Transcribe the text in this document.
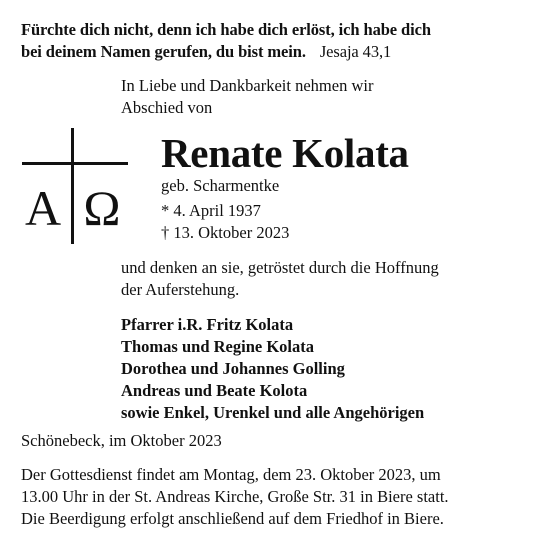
Fürchte dich nicht, denn ich habe dich erlöst, ich habe dich
bei deinem Namen gerufen, du bist mein. Jesaja 43,1
In Liebe und Dankbarkeit nehmen wir
Abschied von
A Ω
Renate Kolata
geb. Scharmentke
* 4. April 1937
† 13. Oktober 2023
und denken an sie, getröstet durch die Hoffnung
der Auferstehung.
Pfarrer i.R. Fritz Kolata
Thomas und Regine Kolata
Dorothea und Johannes Golling
Andreas und Beate Kolota
sowie Enkel, Urenkel und alle Angehörigen
Schönebeck, im Oktober 2023
Der Gottesdienst findet am Montag, dem 23. Oktober 2023, um
13.00 Uhr in der St. Andreas Kirche, Große Str. 31 in Biere statt.
Die Beerdigung erfolgt anschließend auf dem Friedhof in Biere.
